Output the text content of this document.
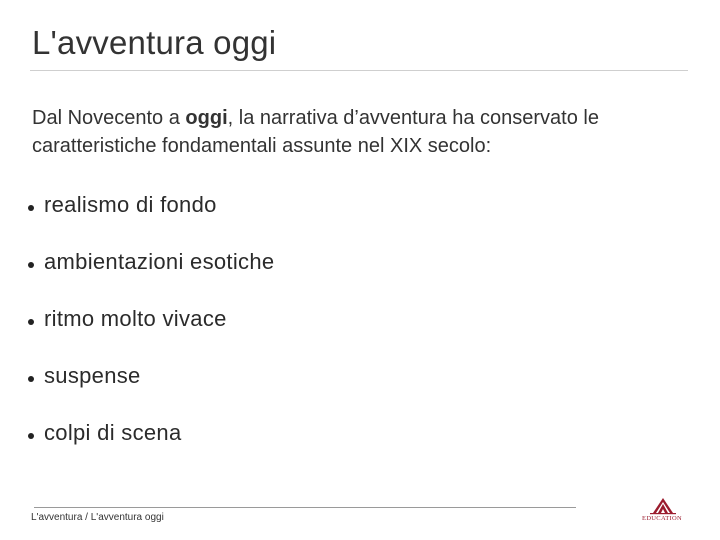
L'avventura oggi

Dal Novecento a oggi, la narrativa d’avventura ha conservato le caratteristiche fondamentali assunte nel XIX secolo:

realismo di fondo
ambientazioni esotiche
ritmo molto vivace
suspense
colpi di scena
L'avventura / L'avventura oggi	EDUCATION
